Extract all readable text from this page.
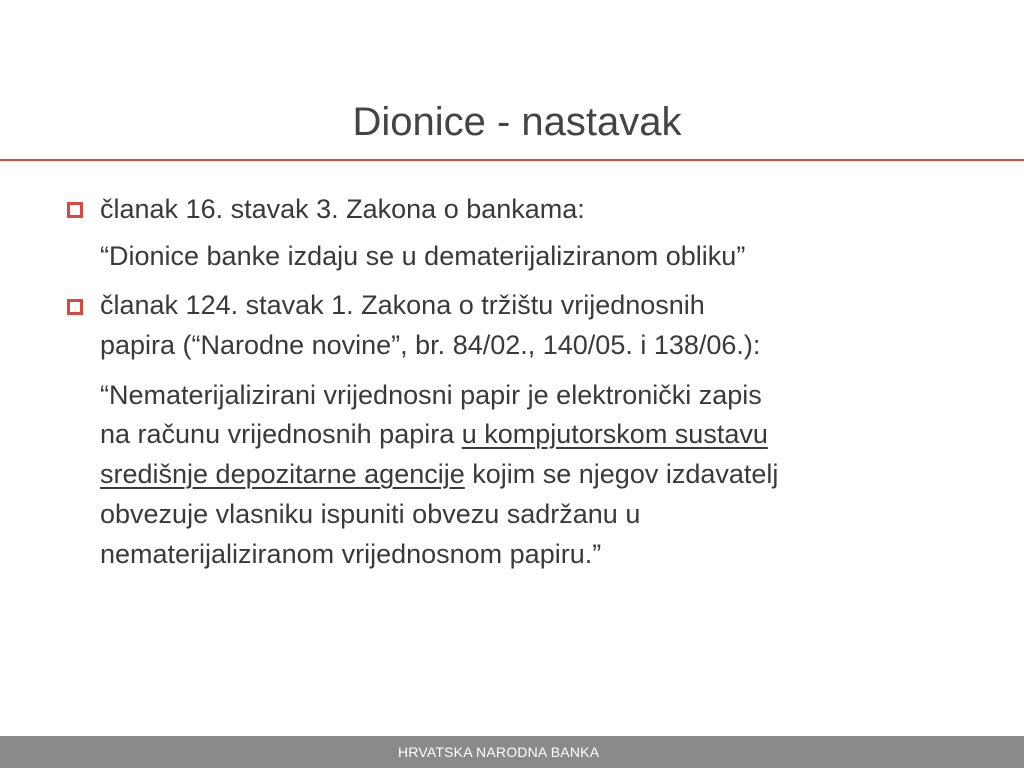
Dionice - nastavak
članak 16. stavak 3. Zakona o bankama:
“Dionice banke izdaju se u dematerijaliziranom obliku”
članak 124. stavak 1. Zakona o tržištu vrijednosnih
papira (“Narodne novine”, br. 84/02., 140/05. i 138/06.):
“Nematerijalizirani vrijednosni papir je elektronički zapis
na računu vrijednosnih papira u kompjutorskom sustavu
središnje depozitarne agencije kojim se njegov izdavatelj
obvezuje vlasniku ispuniti obvezu sadržanu u
nematerijaliziranom vrijednosnom papiru.”
HRVATSKA NARODNA BANKA
